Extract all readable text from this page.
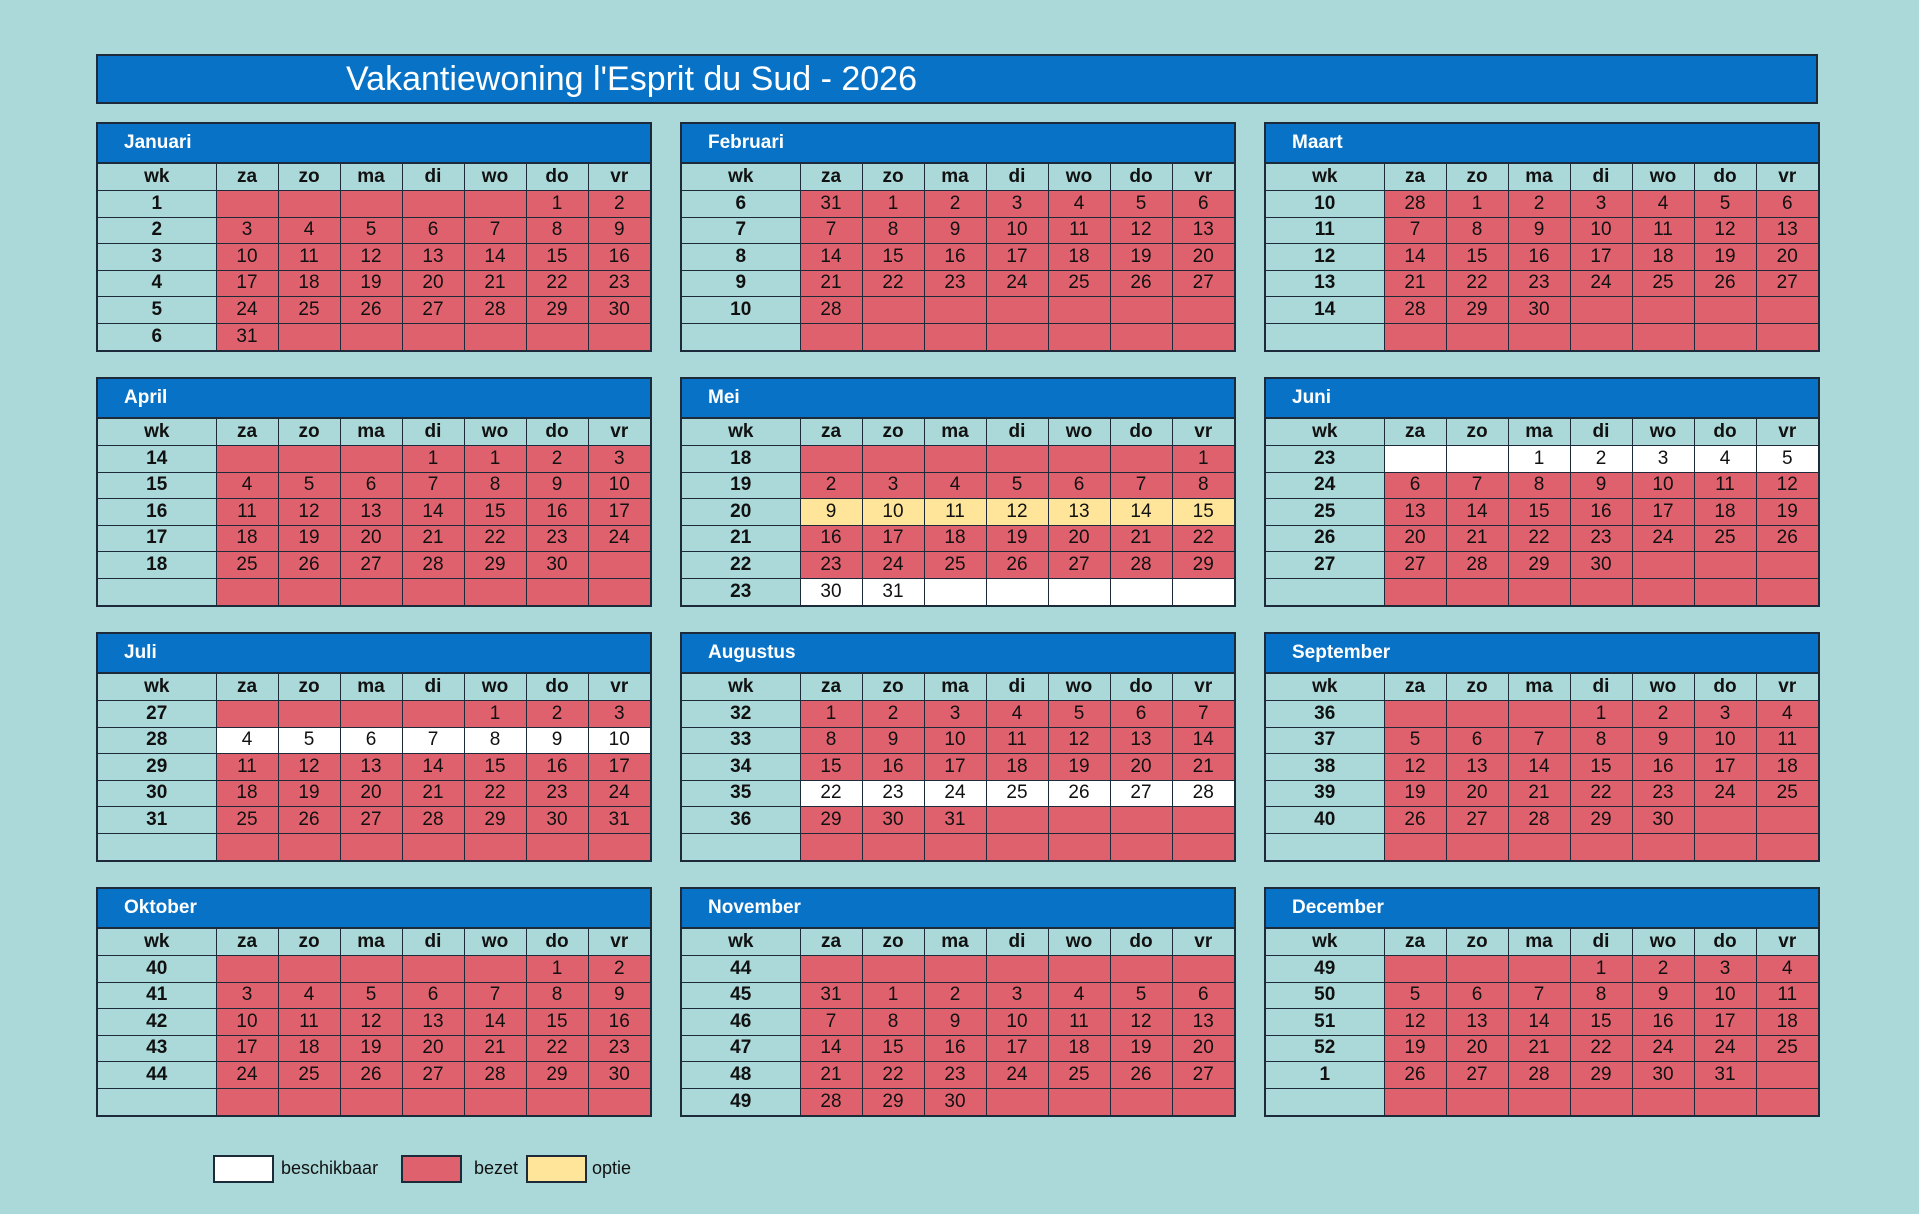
Vakantiewoning l'Esprit du Sud - 2026
Januari
wk	za	zo	ma	di	wo	do	vr
1						1	2
2	3	4	5	6	7	8	9
3	10	11	12	13	14	15	16
4	17	18	19	20	21	22	23
5	24	25	26	27	28	29	30
6	31						
Februari
wk	za	zo	ma	di	wo	do	vr
6	31	1	2	3	4	5	6
7	7	8	9	10	11	12	13
8	14	15	16	17	18	19	20
9	21	22	23	24	25	26	27
10	28						

Maart
wk	za	zo	ma	di	wo	do	vr
10	28	1	2	3	4	5	6
11	7	8	9	10	11	12	13
12	14	15	16	17	18	19	20
13	21	22	23	24	25	26	27
14	28	29	30				

April
wk	za	zo	ma	di	wo	do	vr
14				1	1	2	3
15	4	5	6	7	8	9	10
16	11	12	13	14	15	16	17
17	18	19	20	21	22	23	24
18	25	26	27	28	29	30	

Mei
wk	za	zo	ma	di	wo	do	vr
18							1
19	2	3	4	5	6	7	8
20	9	10	11	12	13	14	15
21	16	17	18	19	20	21	22
22	23	24	25	26	27	28	29
23	30	31					
Juni
wk	za	zo	ma	di	wo	do	vr
23			1	2	3	4	5
24	6	7	8	9	10	11	12
25	13	14	15	16	17	18	19
26	20	21	22	23	24	25	26
27	27	28	29	30			

Juli
wk	za	zo	ma	di	wo	do	vr
27					1	2	3
28	4	5	6	7	8	9	10
29	11	12	13	14	15	16	17
30	18	19	20	21	22	23	24
31	25	26	27	28	29	30	31

Augustus
wk	za	zo	ma	di	wo	do	vr
32	1	2	3	4	5	6	7
33	8	9	10	11	12	13	14
34	15	16	17	18	19	20	21
35	22	23	24	25	26	27	28
36	29	30	31				

September
wk	za	zo	ma	di	wo	do	vr
36				1	2	3	4
37	5	6	7	8	9	10	11
38	12	13	14	15	16	17	18
39	19	20	21	22	23	24	25
40	26	27	28	29	30		

Oktober
wk	za	zo	ma	di	wo	do	vr
40						1	2
41	3	4	5	6	7	8	9
42	10	11	12	13	14	15	16
43	17	18	19	20	21	22	23
44	24	25	26	27	28	29	30

November
wk	za	zo	ma	di	wo	do	vr
44							
45	31	1	2	3	4	5	6
46	7	8	9	10	11	12	13
47	14	15	16	17	18	19	20
48	21	22	23	24	25	26	27
49	28	29	30				
December
wk	za	zo	ma	di	wo	do	vr
49				1	2	3	4
50	5	6	7	8	9	10	11
51	12	13	14	15	16	17	18
52	19	20	21	22	24	24	25
1	26	27	28	29	30	31	

beschikbaar	bezet	optie
